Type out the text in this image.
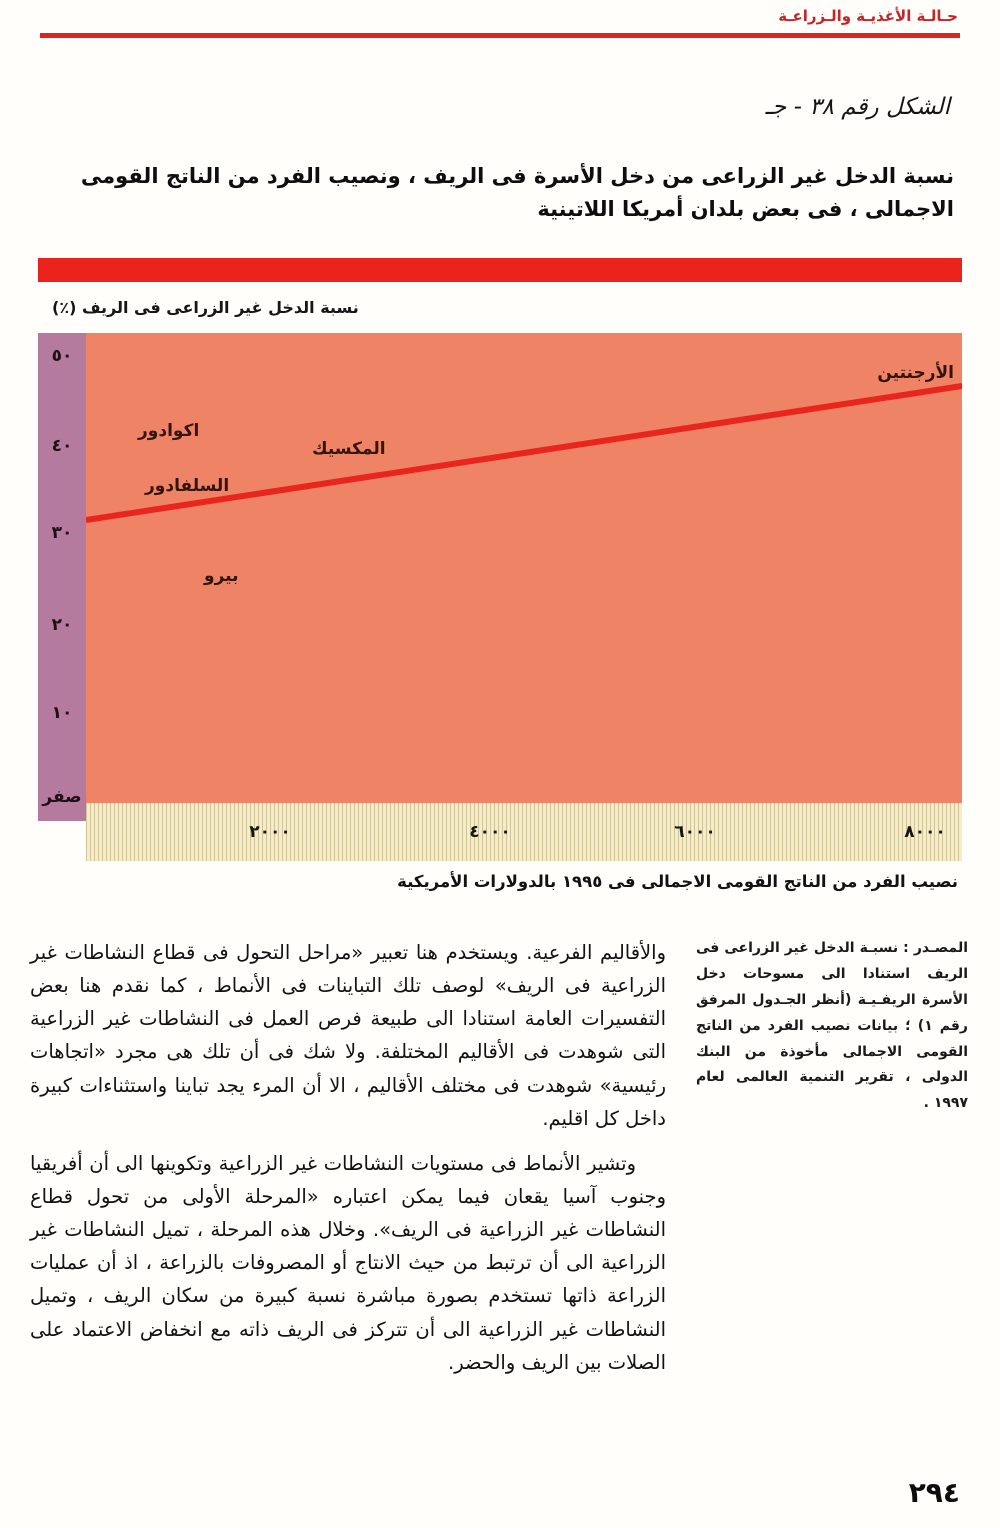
حـالـة الأغذيـة والـزراعـة
الشكل رقم ٣٨ - جـ
نسبة الدخل غير الزراعى من دخل الأسرة فى الريف ، ونصيب الفرد من الناتج القومى الاجمالى ، فى بعض بلدان أمريكا اللاتينية
نسبة الدخل غير الزراعى فى الريف (٪)
٥٠
٤٠
٣٠
٢٠
١٠
صفر
الأرجنتين
اكوادور
المكسيك
السلفادور
بيرو
٢٠٠٠	٤٠٠٠	٦٠٠٠	٨٠٠٠
نصيب الفرد من الناتج القومى الاجمالى فى ١٩٩٥ بالدولارات الأمريكية
المصـدر : نسبـة الدخل غير الزراعى فى الريف استنادا الى مسوحات دخل الأسرة الريفـيـة (أنظر الجـدول المرفق رقم ١) ؛ بيانات نصيب الفرد من الناتج القومى الاجمالى مأخوذة من البنك الدولى ، تقرير التنمية العالمى لعام ١٩٩٧ .

والأقاليم الفرعية. ويستخدم هنا تعبير «مراحل التحول فى قطاع النشاطات غير الزراعية فى الريف» لوصف تلك التباينات فى الأنماط ، كما نقدم هنا بعض التفسيرات العامة استنادا الى طبيعة فرص العمل فى النشاطات غير الزراعية التى شوهدت فى الأقاليم المختلفة. ولا شك فى أن تلك هى مجرد «اتجاهات رئيسية» شوهدت فى مختلف الأقاليم ، الا أن المرء يجد تباينا واستثناءات كبيرة داخل كل اقليم.

وتشير الأنماط فى مستويات النشاطات غير الزراعية وتكوينها الى أن أفريقيا وجنوب آسيا يقعان فيما يمكن اعتباره «المرحلة الأولى من تحول قطاع النشاطات غير الزراعية فى الريف». وخلال هذه المرحلة ، تميل النشاطات غير الزراعية الى أن ترتبط من حيث الانتاج أو المصروفات بالزراعة ، اذ أن عمليات الزراعة ذاتها تستخدم بصورة مباشرة نسبة كبيرة من سكان الريف ، وتميل النشاطات غير الزراعية الى أن تتركز فى الريف ذاته مع انخفاض الاعتماد على الصلات بين الريف والحضر.

٢٩٤
